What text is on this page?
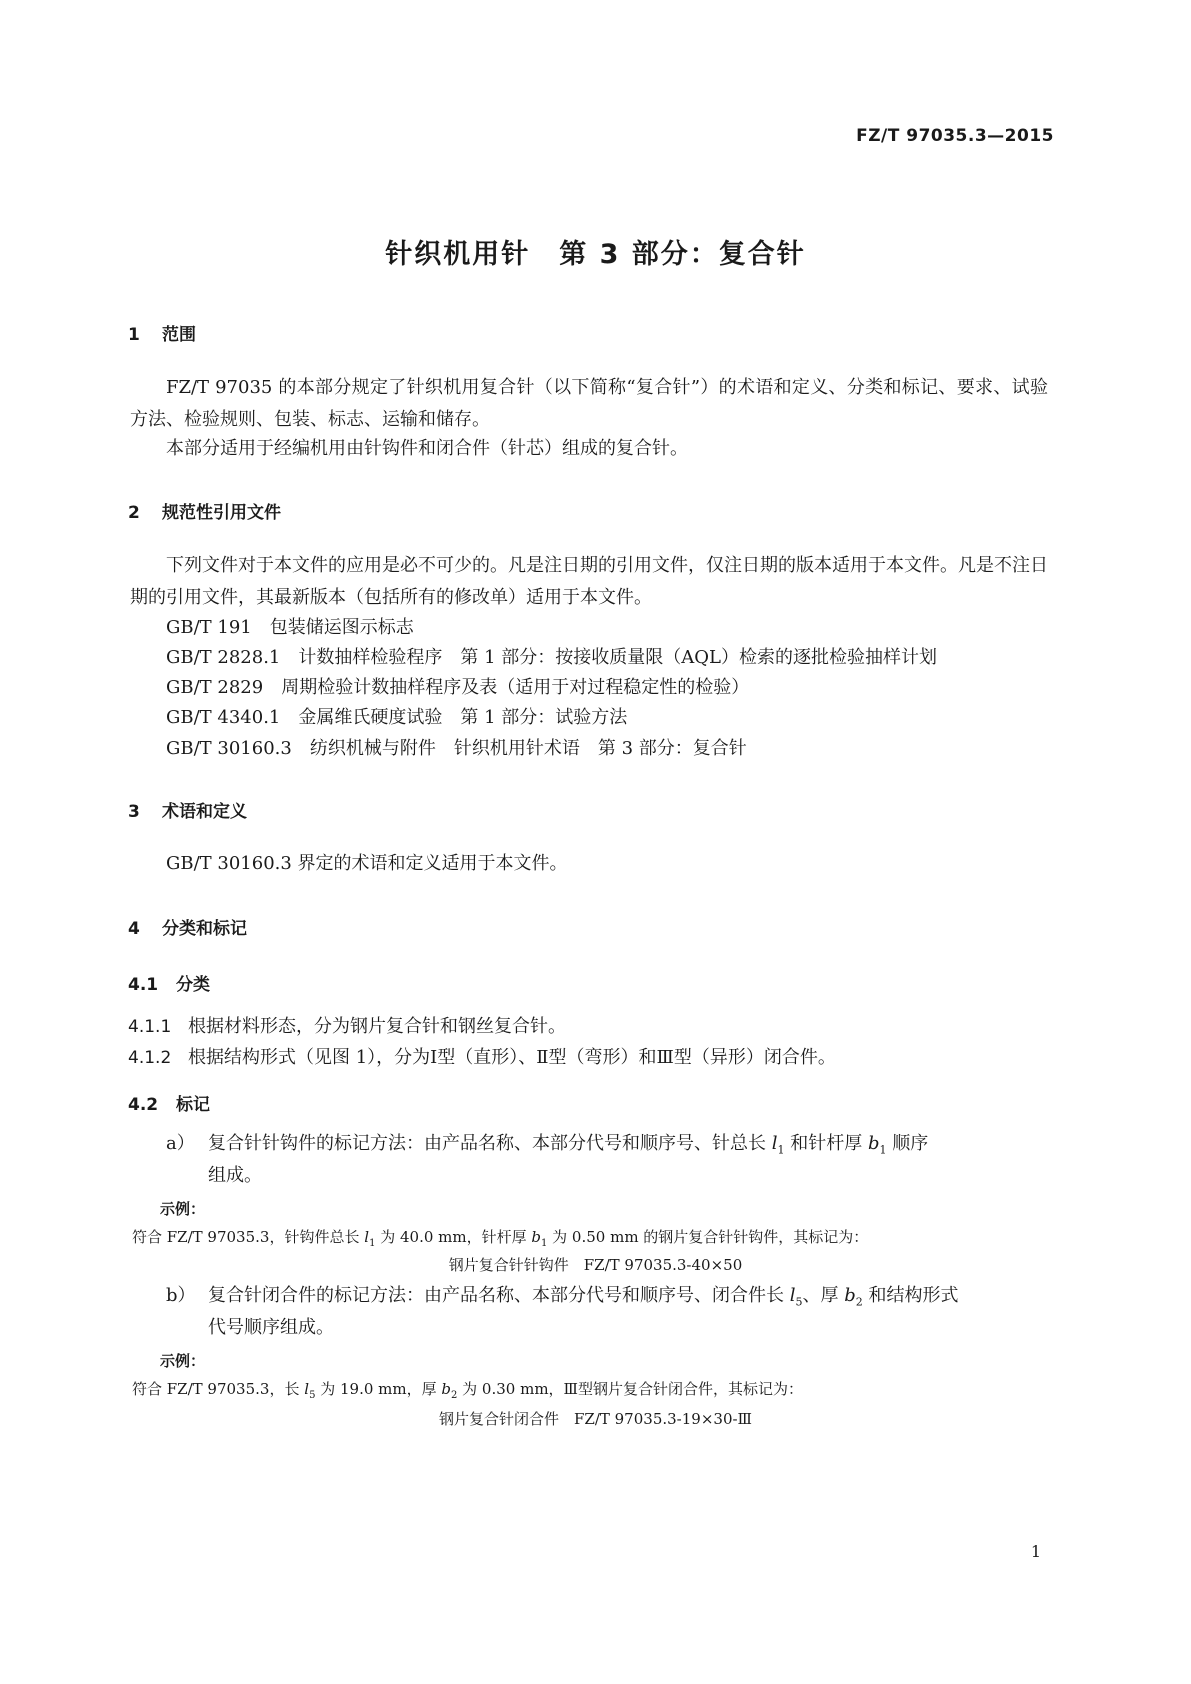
FZ/T 97035.3—2015
针织机用针　第 3 部分：复合针
1 范围
FZ/T 97035 的本部分规定了针织机用复合针（以下简称“复合针”）的术语和定义、分类和标记、要求、试验方法、检验规则、包装、标志、运输和储存。
本部分适用于经编机用由针钩件和闭合件（针芯）组成的复合针。
2 规范性引用文件
下列文件对于本文件的应用是必不可少的。凡是注日期的引用文件，仅注日期的版本适用于本文件。凡是不注日期的引用文件，其最新版本（包括所有的修改单）适用于本文件。
GB/T 191 包装储运图示标志
GB/T 2828.1 计数抽样检验程序　第 1 部分：按接收质量限（AQL）检索的逐批检验抽样计划
GB/T 2829 周期检验计数抽样程序及表（适用于对过程稳定性的检验）
GB/T 4340.1 金属维氏硬度试验　第 1 部分：试验方法
GB/T 30160.3 纺织机械与附件　针织机用针术语　第 3 部分：复合针
3 术语和定义
GB/T 30160.3 界定的术语和定义适用于本文件。
4 分类和标记
4.1 分类
4.1.1 根据材料形态，分为钢片复合针和钢丝复合针。
4.1.2 根据结构形式（见图 1），分为Ⅰ型（直形）、Ⅱ型（弯形）和Ⅲ型（异形）闭合件。
4.2 标记
a） 复合针针钩件的标记方法：由产品名称、本部分代号和顺序号、针总长 $l_1$ 和针杆厚 $b_1$ 顺序
组成。
示例：
符合 FZ/T 97035.3，针钩件总长 $l_1$ 为 40.0 mm，针杆厚 $b_1$ 为 0.50 mm 的钢片复合针针钩件，其标记为：
钢片复合针针钩件　FZ/T 97035.3-40×50
b） 复合针闭合件的标记方法：由产品名称、本部分代号和顺序号、闭合件长 $l_5$、厚 $b_2$ 和结构形式
代号顺序组成。
示例：
符合 FZ/T 97035.3，长 $l_5$ 为 19.0 mm，厚 $b_2$ 为 0.30 mm，Ⅲ型钢片复合针闭合件，其标记为：
钢片复合针闭合件　FZ/T 97035.3-19×30-Ⅲ
1
